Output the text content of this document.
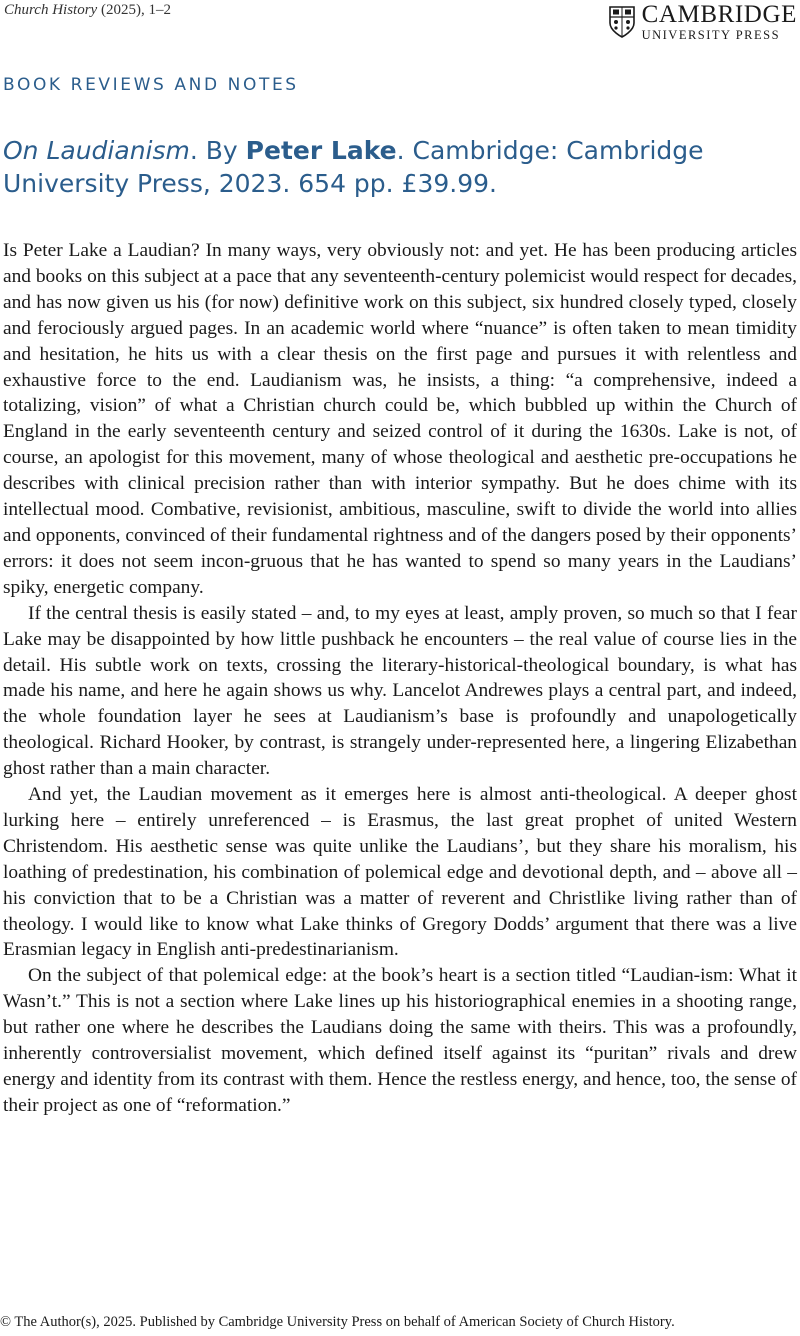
Church History (2025), 1–2	CAMBRIDGE
UNIVERSITY PRESS
BOOK REVIEWS AND NOTES
On Laudianism. By Peter Lake. Cambridge: Cambridge University Press, 2023. 654 pp. £39.99.

Is Peter Lake a Laudian? In many ways, very obviously not: and yet. He has been producing articles and books on this subject at a pace that any seventeenth-century polemicist would respect for decades, and has now given us his (for now) definitive work on this subject, six hundred closely typed, closely and ferociously argued pages. In an academic world where “nuance” is often taken to mean timidity and hesitation, he hits us with a clear thesis on the first page and pursues it with relentless and exhaustive force to the end. Laudianism was, he insists, a thing: “a comprehensive, indeed a totalizing, vision” of what a Christian church could be, which bubbled up within the Church of England in the early seventeenth century and seized control of it during the 1630s. Lake is not, of course, an apologist for this movement, many of whose theological and aesthetic pre-occupations he describes with clinical precision rather than with interior sympathy. But he does chime with its intellectual mood. Combative, revisionist, ambitious, masculine, swift to divide the world into allies and opponents, convinced of their fundamental rightness and of the dangers posed by their opponents’ errors: it does not seem incon-gruous that he has wanted to spend so many years in the Laudians’ spiky, energetic company.

If the central thesis is easily stated – and, to my eyes at least, amply proven, so much so that I fear Lake may be disappointed by how little pushback he encounters – the real value of course lies in the detail. His subtle work on texts, crossing the literary-historical-theological boundary, is what has made his name, and here he again shows us why. Lancelot Andrewes plays a central part, and indeed, the whole foundation layer he sees at Laudianism’s base is profoundly and unapologetically theological. Richard Hooker, by contrast, is strangely under-represented here, a lingering Elizabethan ghost rather than a main character.

And yet, the Laudian movement as it emerges here is almost anti-theological. A deeper ghost lurking here – entirely unreferenced – is Erasmus, the last great prophet of united Western Christendom. His aesthetic sense was quite unlike the Laudians’, but they share his moralism, his loathing of predestination, his combination of polemical edge and devotional depth, and – above all – his conviction that to be a Christian was a matter of reverent and Christlike living rather than of theology. I would like to know what Lake thinks of Gregory Dodds’ argument that there was a live Erasmian legacy in English anti-predestinarianism.

On the subject of that polemical edge: at the book’s heart is a section titled “Laudian-ism: What it Wasn’t.” This is not a section where Lake lines up his historiographical enemies in a shooting range, but rather one where he describes the Laudians doing the same with theirs. This was a profoundly, inherently controversialist movement, which defined itself against its “puritan” rivals and drew energy and identity from its contrast with them. Hence the restless energy, and hence, too, the sense of their project as one of “reformation.”

© The Author(s), 2025. Published by Cambridge University Press on behalf of American Society of Church History.
